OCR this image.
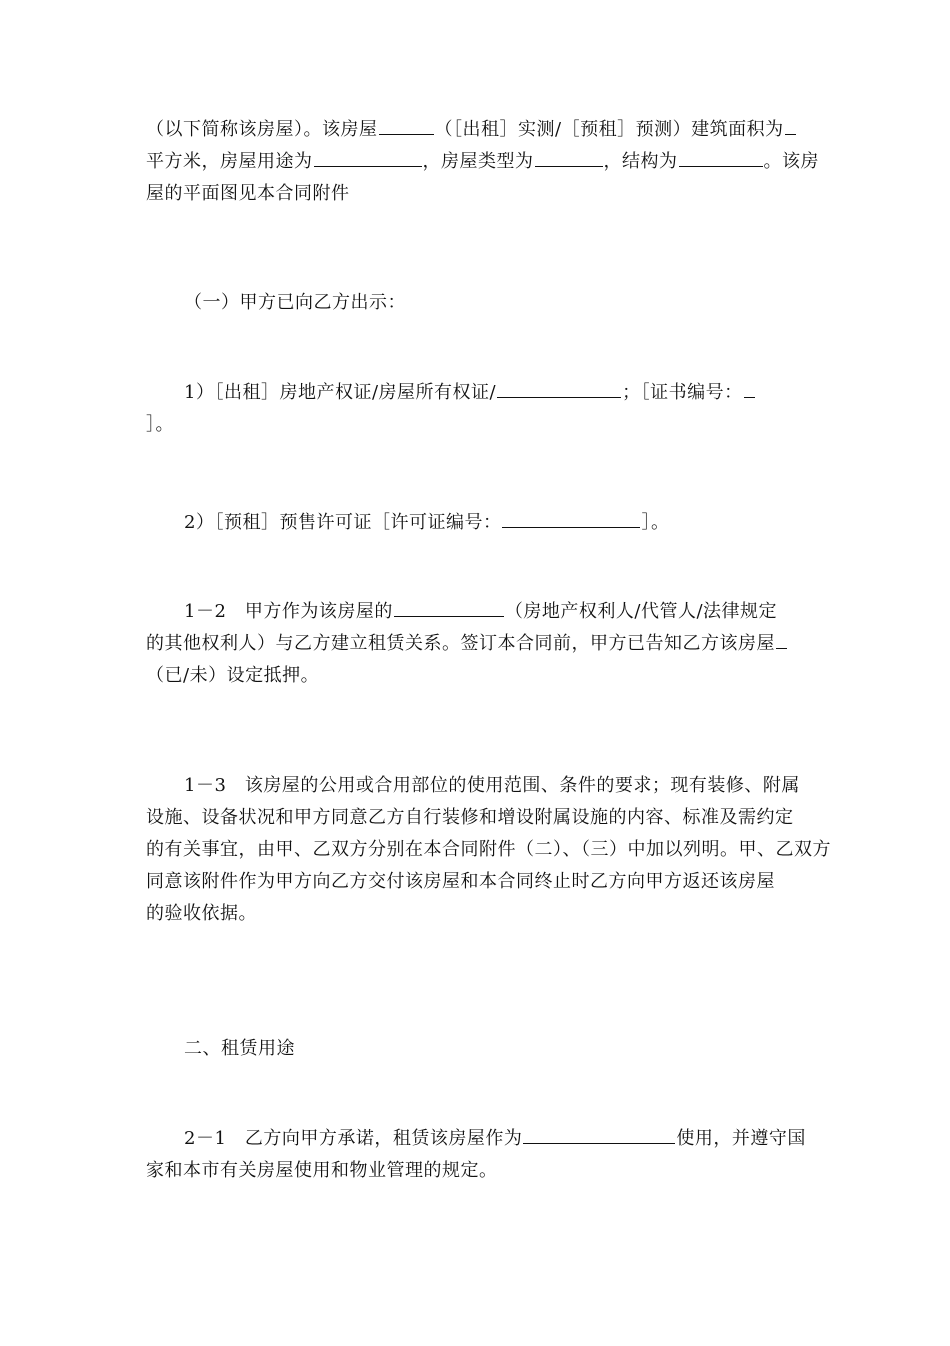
（以下简称该房屋）。该房屋	（［出租］实测/［预租］预测）建筑面积为
平方米，房屋用途为	，房屋类型为	，结构为	。该房
屋的平面图见本合同附件
（一）甲方已向乙方出示：
1）［出租］房地产权证/房屋所有权证/	；［证书编号：
］。
2）［预租］预售许可证［许可证编号：	］。
1－2　甲方作为该房屋的	（房地产权利人/代管人/法律规定
的其他权利人）与乙方建立租赁关系。签订本合同前，甲方已告知乙方该房屋
（已/未）设定抵押。
1－3　该房屋的公用或合用部位的使用范围、条件的要求；现有装修、附属
设施、设备状况和甲方同意乙方自行装修和增设附属设施的内容、标准及需约定
的有关事宜，由甲、乙双方分别在本合同附件（二）、（三）中加以列明。甲、乙双方
同意该附件作为甲方向乙方交付该房屋和本合同终止时乙方向甲方返还该房屋
的验收依据。
二、租赁用途
2－1　乙方向甲方承诺，租赁该房屋作为	使用，并遵守国
家和本市有关房屋使用和物业管理的规定。
